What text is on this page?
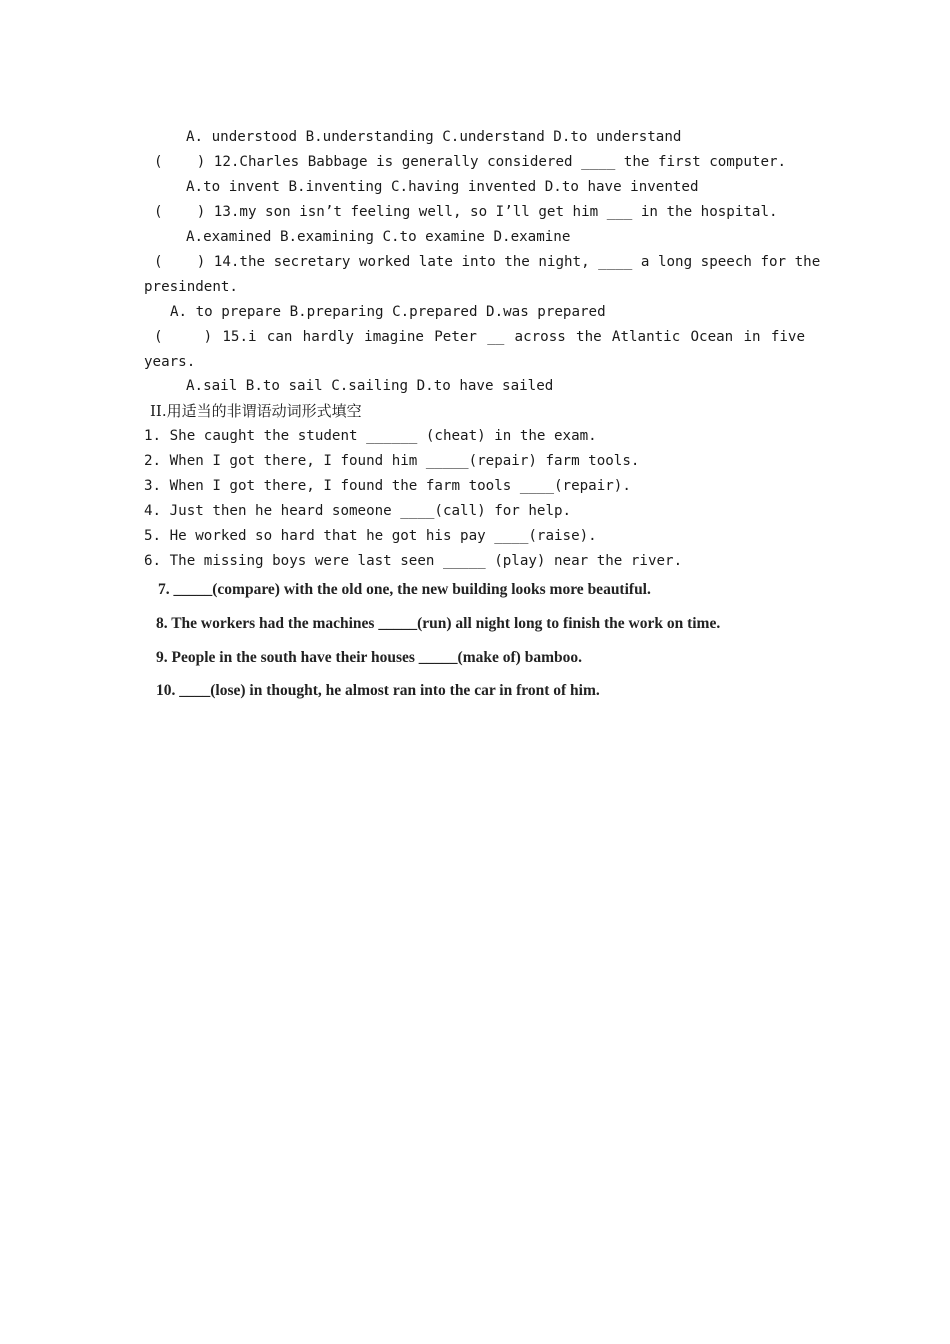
A. understood B.understanding C.understand D.to understand
(    ) 12.Charles Babbage is generally considered ____ the first computer.
A.to invent B.inventing C.having invented D.to have invented
(    ) 13.my son isn’t feeling well, so I’ll get him ___ in the hospital.
A.examined B.examining C.to examine D.examine
(    ) 14.the secretary worked late into the night, ____ a long speech for the
presindent.
A. to prepare B.preparing C.prepared D.was prepared
(    ) 15.i can hardly imagine Peter __ across the Atlantic Ocean in five
years.
A.sail B.to sail C.sailing D.to have sailed
II.用适当的非谓语动词形式填空
1. She caught the student ______ (cheat) in the exam.
2. When I got there, I found him _____(repair) farm tools.
3. When I got there, I found the farm tools ____(repair).
4. Just then he heard someone ____(call) for help.
5. He worked so hard that he got his pay ____(raise).
6. The missing boys were last seen _____ (play) near the river.
7. _____(compare) with the old one, the new building looks more beautiful.
8. The workers had the machines _____(run) all night long to finish the work on time.
9. People in the south have their houses _____(make of) bamboo.
10. ____(lose) in thought, he almost ran into the car in front of him.
